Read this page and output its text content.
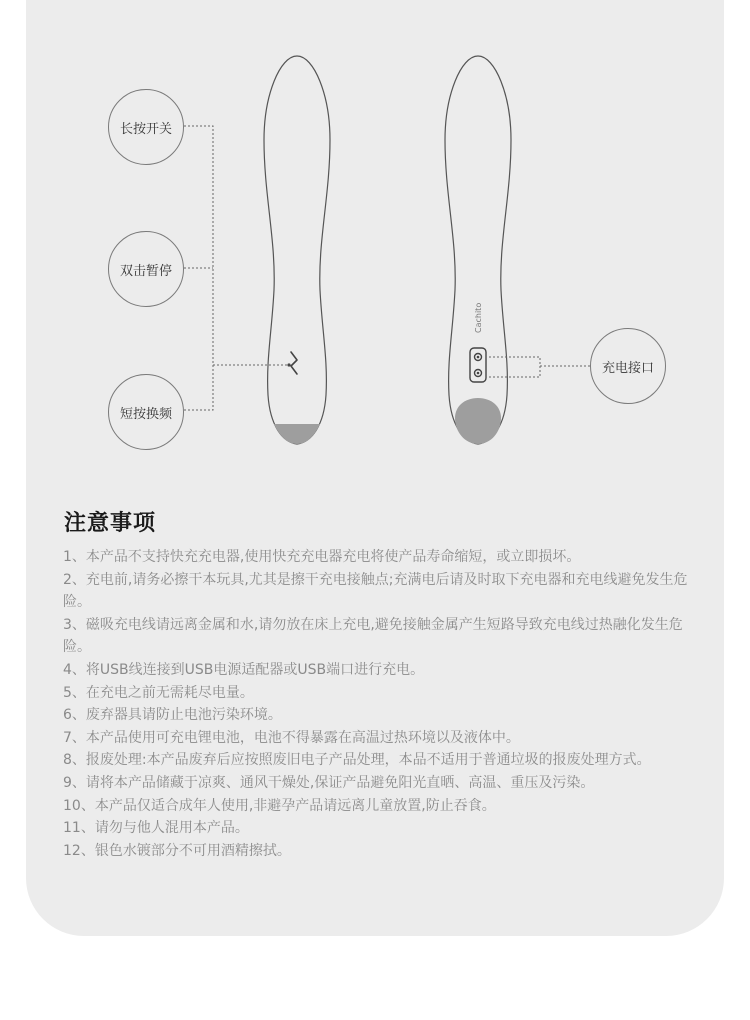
Cachito
长按开关
双击暂停
短按换频
充电接口
注意事项
1、本产品不支持快充充电器,使用快充充电器充电将使产品寿命缩短，或立即损坏。
2、充电前,请务必擦干本玩具,尤其是擦干充电接触点;充满电后请及时取下充电器和充电线避免发生危险。
3、磁吸充电线请远离金属和水,请勿放在床上充电,避免接触金属产生短路导致充电线过热融化发生危险。
4、将USB线连接到USB电源适配器或USB端口进行充电。
5、在充电之前无需耗尽电量。
6、废弃器具请防止电池污染环境。
7、本产品使用可充电锂电池，电池不得暴露在高温过热环境以及液体中。
8、报废处理:本产品废弃后应按照废旧电子产品处理，本品不适用于普通垃圾的报废处理方式。
9、请将本产品储藏于凉爽、通风干燥处,保证产品避免阳光直晒、高温、重压及污染。
10、本产品仅适合成年人使用,非避孕产品请远离儿童放置,防止吞食。
11、请勿与他人混用本产品。
12、银色水镀部分不可用酒精擦拭。
